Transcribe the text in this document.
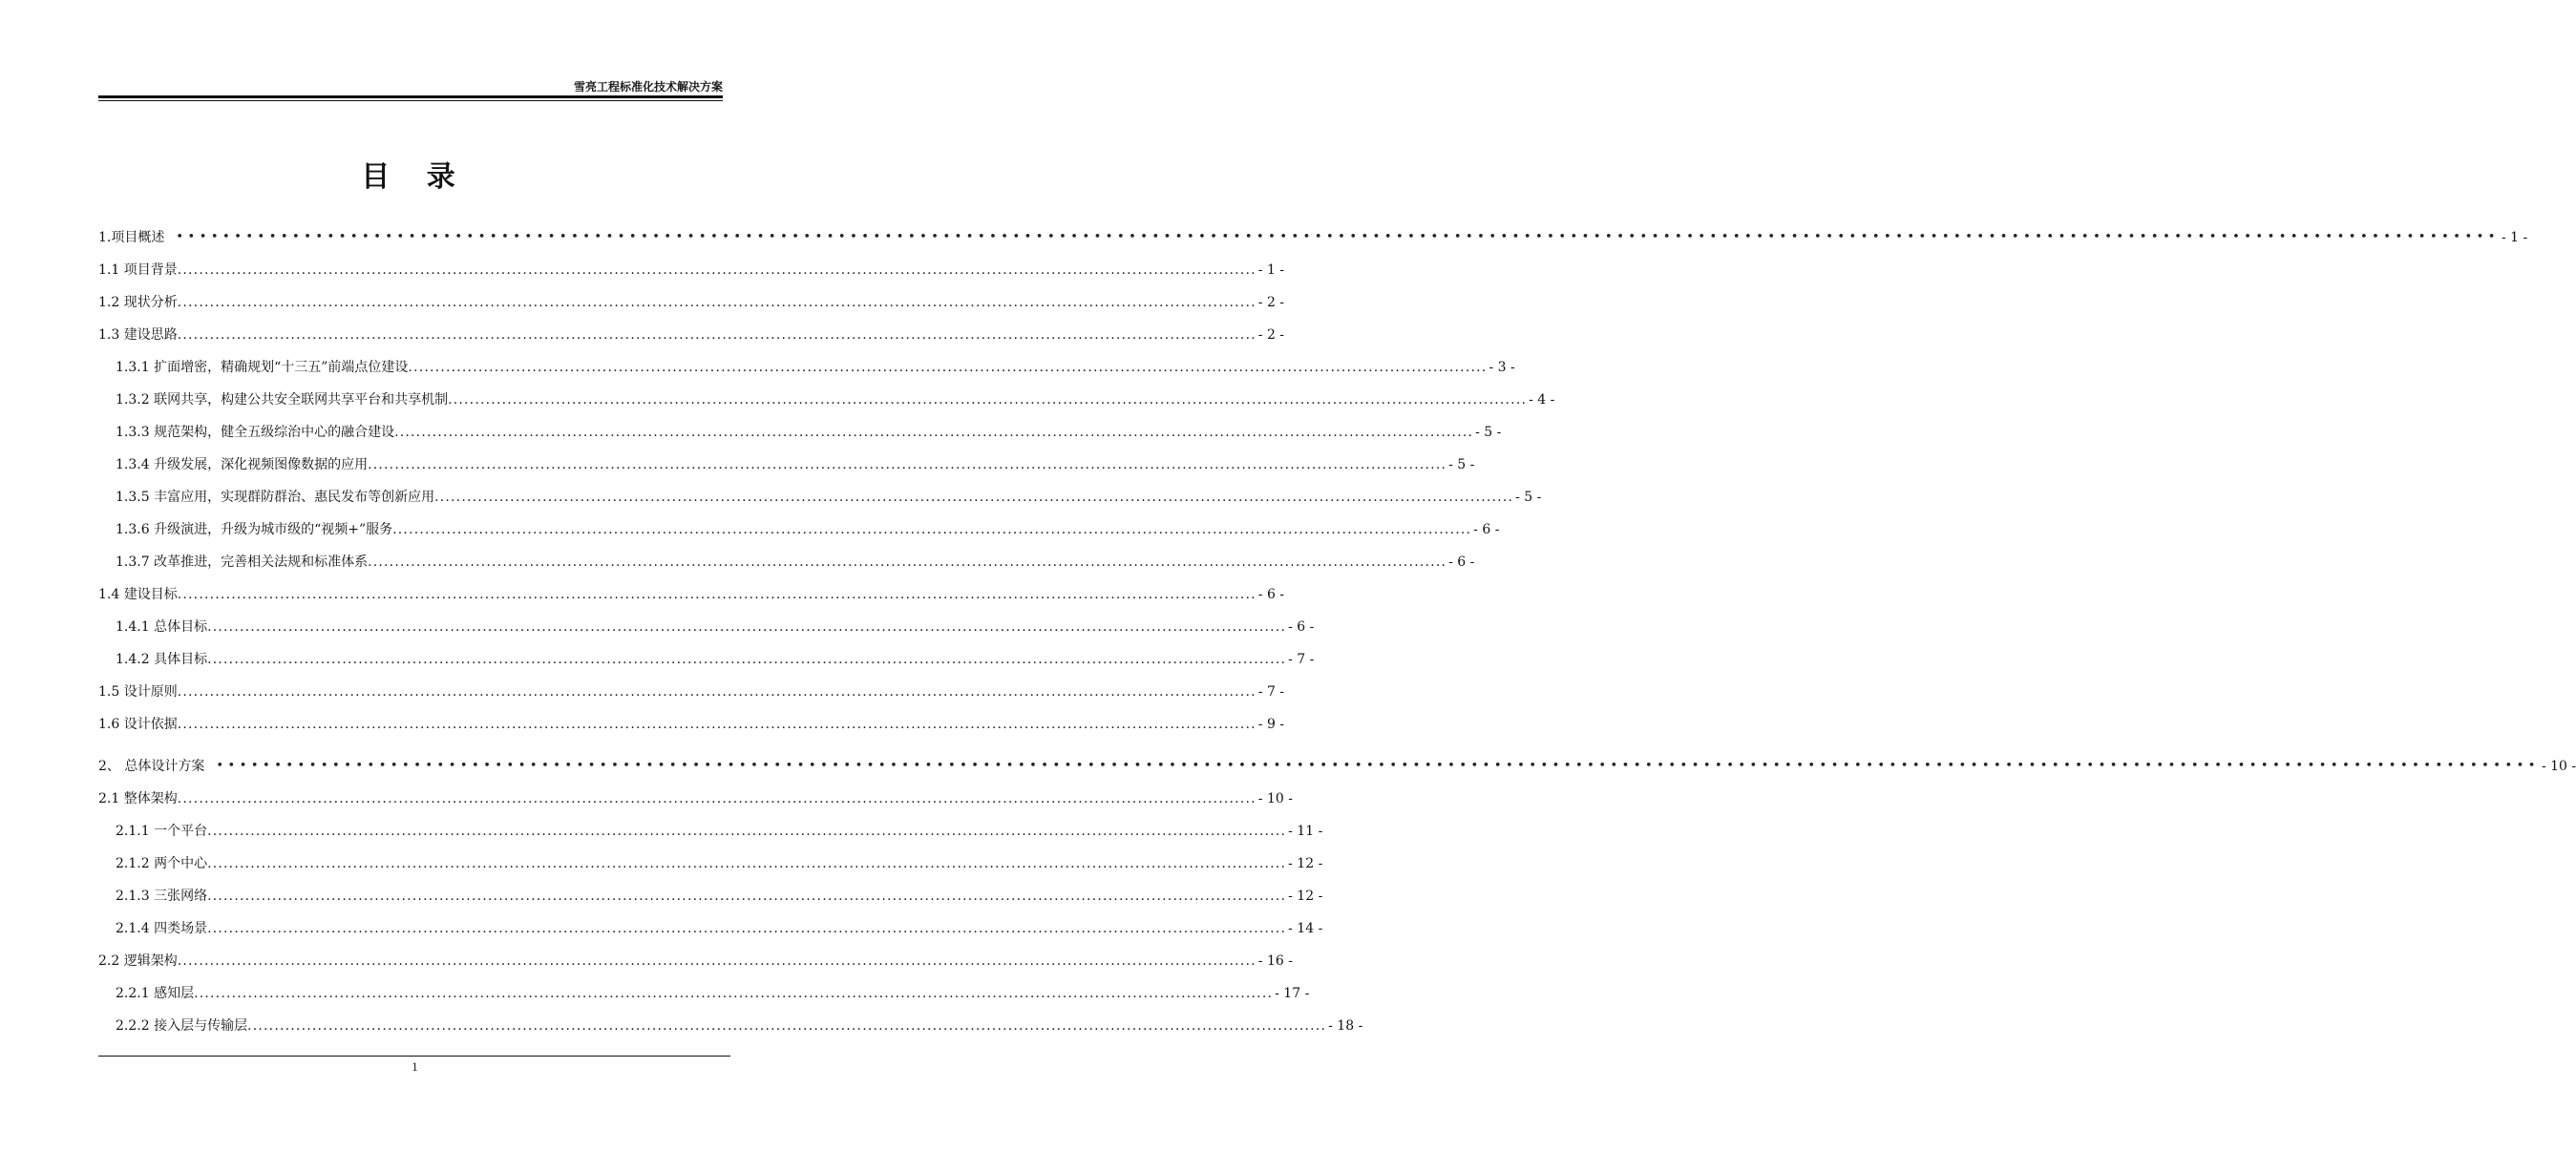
雪亮工程标准化技术解决方案
目 录
1.项目概述 •••••••••••••••••••••••••••••••••••••••••••••••••••••••••••••••••••••••••••••••••••••••••••••••••••••••••••••••••••••••••••••••••••••••••••••••••••••••••••••••••••••••••••••••••••••••••••••••••••••••• - 1 -
1.1 项目背景 ........................................................................................................................................................................................................ - 1 -
1.2 现状分析 ........................................................................................................................................................................................................ - 2 -
1.3 建设思路 ........................................................................................................................................................................................................ - 2 -
1.3.1 扩面增密，精确规划“十三五”前端点位建设 ........................................................................................................................................................................................................ - 3 -
1.3.2 联网共享，构建公共安全联网共享平台和共享机制 ........................................................................................................................................................................................................ - 4 -
1.3.3 规范架构，健全五级综治中心的融合建设 ........................................................................................................................................................................................................ - 5 -
1.3.4 升级发展，深化视频图像数据的应用 ........................................................................................................................................................................................................ - 5 -
1.3.5 丰富应用，实现群防群治、惠民发布等创新应用 ........................................................................................................................................................................................................ - 5 -
1.3.6 升级演进，升级为城市级的“视频+”服务 ........................................................................................................................................................................................................ - 6 -
1.3.7 改革推进，完善相关法规和标准体系 ........................................................................................................................................................................................................ - 6 -
1.4 建设目标 ........................................................................................................................................................................................................ - 6 -
1.4.1 总体目标 ........................................................................................................................................................................................................ - 6 -
1.4.2 具体目标 ........................................................................................................................................................................................................ - 7 -
1.5 设计原则 ........................................................................................................................................................................................................ - 7 -
1.6 设计依据 ........................................................................................................................................................................................................ - 9 -
2、 总体设计方案 •••••••••••••••••••••••••••••••••••••••••••••••••••••••••••••••••••••••••••••••••••••••••••••••••••••••••••••••••••••••••••••••••••••••••••••••••••••••••••••••••••••••••••••••••••••••••••••••••••••••• - 10 -
2.1 整体架构 ........................................................................................................................................................................................................ - 10 -
2.1.1 一个平台 ........................................................................................................................................................................................................ - 11 -
2.1.2 两个中心 ........................................................................................................................................................................................................ - 12 -
2.1.3 三张网络 ........................................................................................................................................................................................................ - 12 -
2.1.4 四类场景 ........................................................................................................................................................................................................ - 14 -
2.2 逻辑架构 ........................................................................................................................................................................................................ - 16 -
2.2.1 感知层 ........................................................................................................................................................................................................ - 17 -
2.2.2 接入层与传输层 ........................................................................................................................................................................................................ - 18 -
1
